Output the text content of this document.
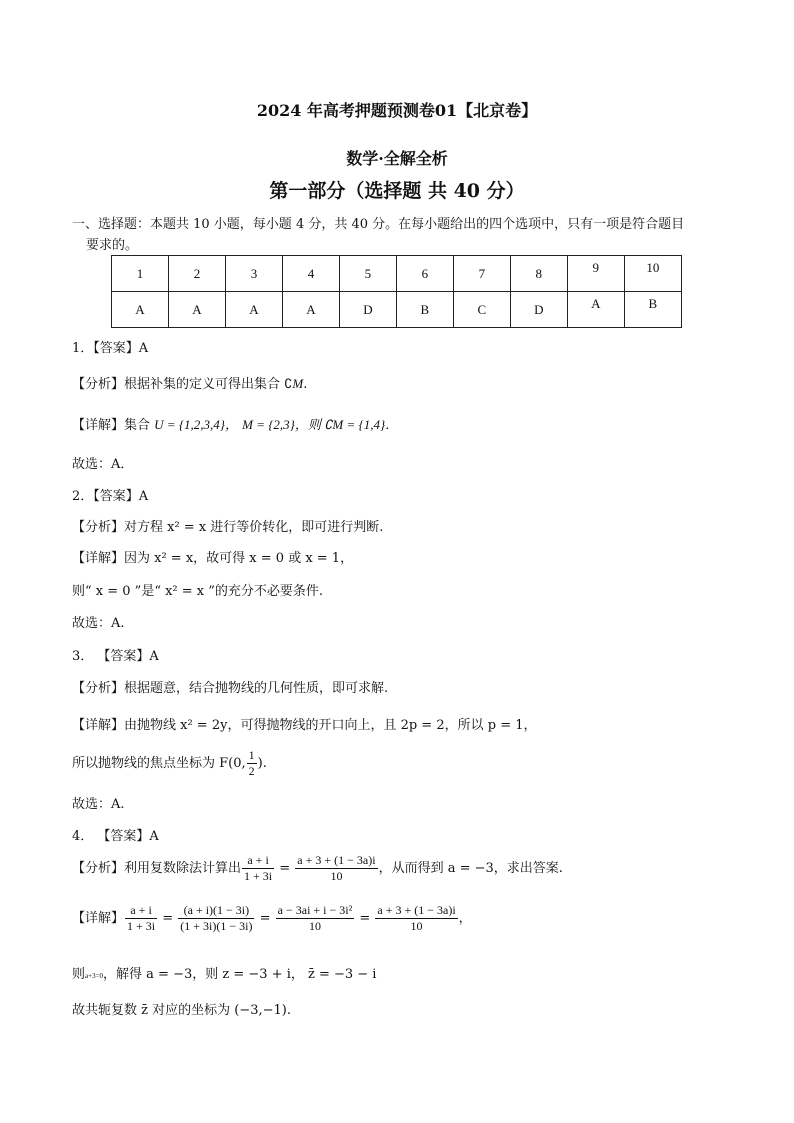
2024 年高考押题预测卷01【北京卷】
数学·全解全析
第一部分（选择题 共 40 分）
一、选择题：本题共 10 小题，每小题 4 分，共 40 分。在每小题给出的四个选项中，只有一项是符合题目
要求的。
1	2	3	4	5	6	7	8	9	10
A	A	A	A	D	B	C	D	A	B
1．【答案】A
【分析】根据补集的定义可得出集合 ∁M.
【详解】集合 U = {1,2,3,4}， M = {2,3}，则 ∁M = {1,4}．
故选：A．
2．【答案】A
【分析】对方程 x² = x 进行等价转化，即可进行判断.
【详解】因为 x² = x，故可得 x = 0 或 x = 1，
则“ x = 0 ”是“ x² = x ”的充分不必要条件.
故选：A.
3． 【答案】A
【分析】根据题意，结合抛物线的几何性质，即可求解.
【详解】由抛物线 x² = 2y，可得抛物线的开口向上，且 2p = 2，所以 p = 1，
所以抛物线的焦点坐标为 F(0, $\frac{1}{2}$ ).
故选：A.
4． 【答案】A
【分析】利用复数除法计算出 $\frac{a + i}{1 + 3i} = \frac{a + 3 + (1 - 3a)i}{10}$ ，从而得到 a = −3，求出答案.
【详解】 $\frac{a + i}{1 + 3i} = \frac{(a + i)(1 - 3i)}{(1 + 3i)(1 - 3i)} = \frac{\text{a − 3ai + i − 3i²}}{10} = \frac{a + 3 + (1 - 3a)i}{10}$ ，
则a+3=0，解得 a = −3，则 z = −3 + i， z̄ = −3 − i
故共轭复数 z̄ 对应的坐标为 (−3,−1).
